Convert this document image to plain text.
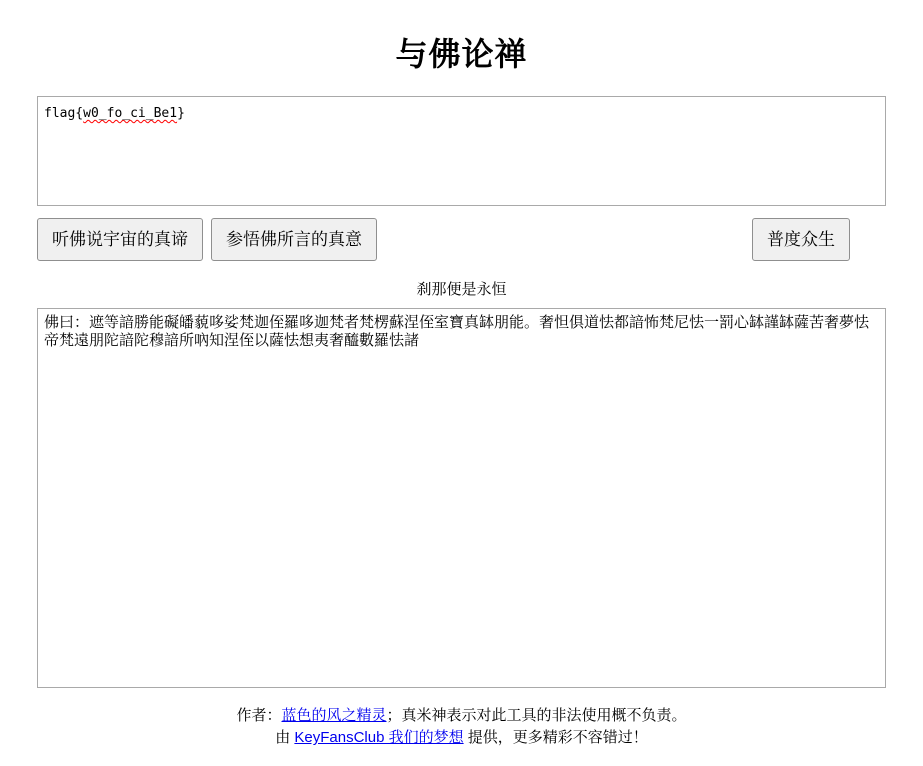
与佛论禅
flag{w0_fo_ci_Be1}
听佛说宇宙的真谛	参悟佛所言的真意	普度众生
刹那便是永恒
佛曰：遮等諳勝能礙皤藐哆娑梵迦侄羅哆迦梵者梵楞蘇涅侄室寶真缽朋能。奢怛俱道怯都諳怖梵尼怯一罰心缽謹缽薩苦奢夢怯帝梵遠朋陀諳陀穆諳所吶知涅侄以薩怯想夷奢醯數羅怯諸
作者：蓝色的风之精灵；真米神表示对此工具的非法使用概不负责。
由 KeyFansClub 我们的梦想 提供，更多精彩不容错过！
